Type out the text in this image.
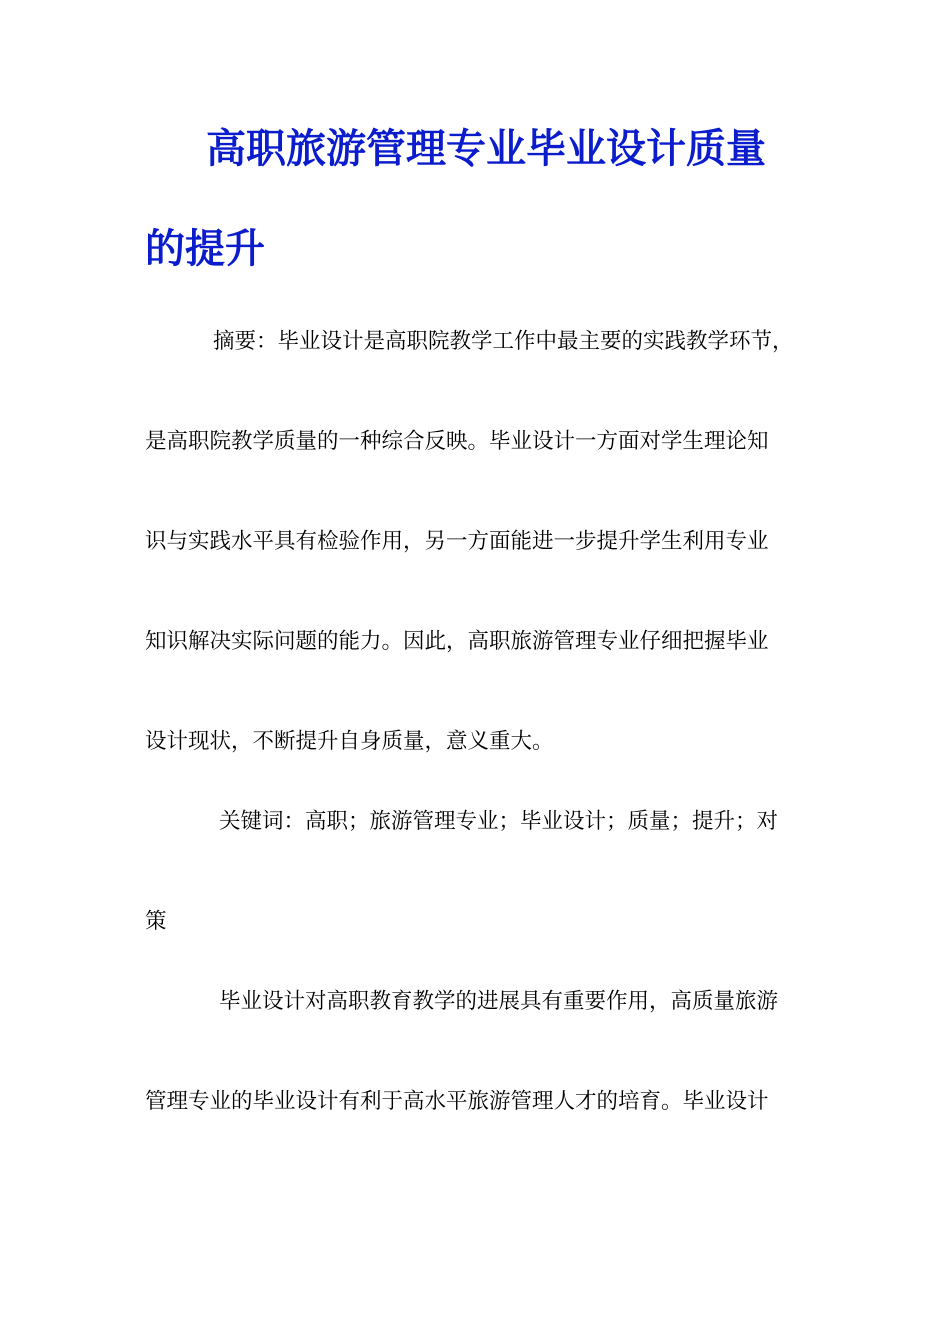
高职旅游管理专业毕业设计质量
的提升
摘要：毕业设计是高职院教学工作中最主要的实践教学环节，
是高职院教学质量的一种综合反映。毕业设计一方面对学生理论知
识与实践水平具有检验作用，另一方面能进一步提升学生利用专业
知识解决实际问题的能力。因此，高职旅游管理专业仔细把握毕业
设计现状，不断提升自身质量，意义重大。
关键词：高职；旅游管理专业；毕业设计；质量；提升；对
策
毕业设计对高职教育教学的进展具有重要作用，高质量旅游
管理专业的毕业设计有利于高水平旅游管理人才的培育。毕业设计
